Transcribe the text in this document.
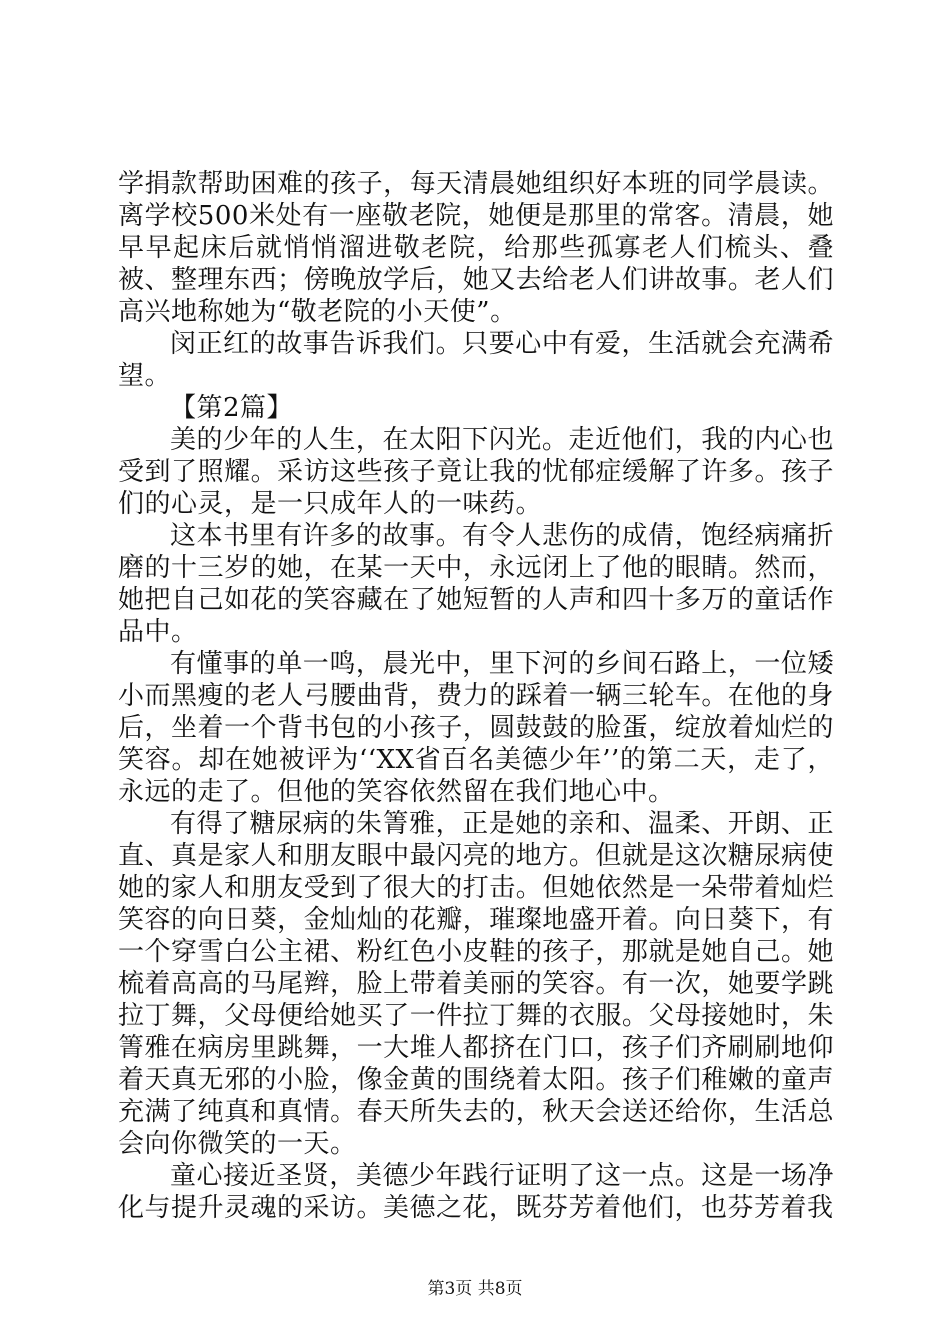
学捐款帮助困难的孩子，每天清晨她组织好本班的同学晨读。离学校500米处有一座敬老院，她便是那里的常客。清晨，她早早起床后就悄悄溜进敬老院，给那些孤寡老人们梳头、叠被、整理东西；傍晚放学后，她又去给老人们讲故事。老人们高兴地称她为“敬老院的小天使”。

闵正红的故事告诉我们。只要心中有爱，生活就会充满希望。

【第2篇】

美的少年的人生，在太阳下闪光。走近他们，我的内心也受到了照耀。采访这些孩子竟让我的忧郁症缓解了许多。孩子们的心灵，是一只成年人的一味药。

这本书里有许多的故事。有令人悲伤的成倩，饱经病痛折磨的十三岁的她，在某一天中，永远闭上了他的眼睛。然而，她把自己如花的笑容藏在了她短暂的人声和四十多万的童话作品中。

有懂事的单一鸣，晨光中，里下河的乡间石路上，一位矮小而黑瘦的老人弓腰曲背，费力的踩着一辆三轮车。在他的身后，坐着一个背书包的小孩子，圆鼓鼓的脸蛋，绽放着灿烂的笑容。却在她被评为‘‘XX省百名美德少年’’的第二天，走了，永远的走了。但他的笑容依然留在我们地心中。

有得了糖尿病的朱箐雅，正是她的亲和、温柔、开朗、正直、真是家人和朋友眼中最闪亮的地方。但就是这次糖尿病使她的家人和朋友受到了很大的打击。但她依然是一朵带着灿烂笑容的向日葵，金灿灿的花瓣，璀璨地盛开着。向日葵下，有一个穿雪白公主裙、粉红色小皮鞋的孩子，那就是她自己。她梳着高高的马尾辫，脸上带着美丽的笑容。有一次，她要学跳拉丁舞，父母便给她买了一件拉丁舞的衣服。父母接她时，朱箐雅在病房里跳舞，一大堆人都挤在门口，孩子们齐刷刷地仰着天真无邪的小脸，像金黄的围绕着太阳。孩子们稚嫩的童声充满了纯真和真情。春天所失去的，秋天会送还给你，生活总会向你微笑的一天。

童心接近圣贤，美德少年践行证明了这一点。这是一场净化与提升灵魂的采访。美德之花，既芬芳着他们，也芬芳着我

第3页 共8页
